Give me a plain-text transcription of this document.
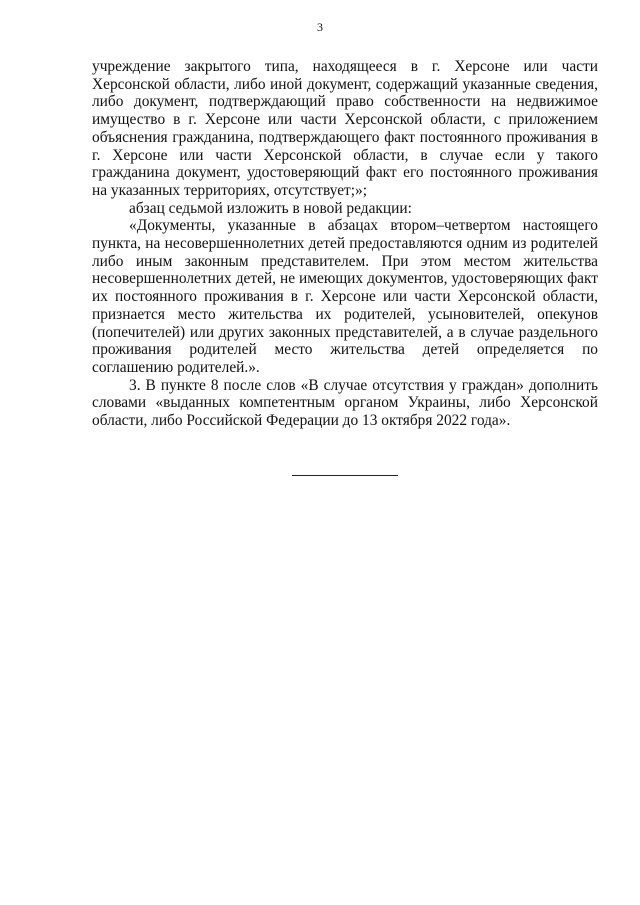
3

учреждение закрытого типа, находящееся в г. Херсоне или части Херсонской области, либо иной документ, содержащий указанные сведения, либо документ, подтверждающий право собственности на недвижимое имущество в г. Херсоне или части Херсонской области, с приложением объяснения гражданина, подтверждающего факт постоянного проживания в г. Херсоне или части Херсонской области, в случае если у такого гражданина документ, удостоверяющий факт его постоянного проживания на указанных территориях, отсутствует;»;

абзац седьмой изложить в новой редакции:

«Документы, указанные в абзацах втором–четвертом настоящего пункта, на несовершеннолетних детей предоставляются одним из родителей либо иным законным представителем. При этом местом жительства несовершеннолетних детей, не имеющих документов, удостоверяющих факт их постоянного проживания в г. Херсоне или части Херсонской области, признается место жительства их родителей, усыновителей, опекунов (попечителей) или других законных представителей, а в случае раздельного проживания родителей место жительства детей определяется по соглашению родителей.».

3. В пункте 8 после слов «В случае отсутствия у граждан» дополнить словами «выданных компетентным органом Украины, либо Херсонской области, либо Российской Федерации до 13 октября 2022 года».
